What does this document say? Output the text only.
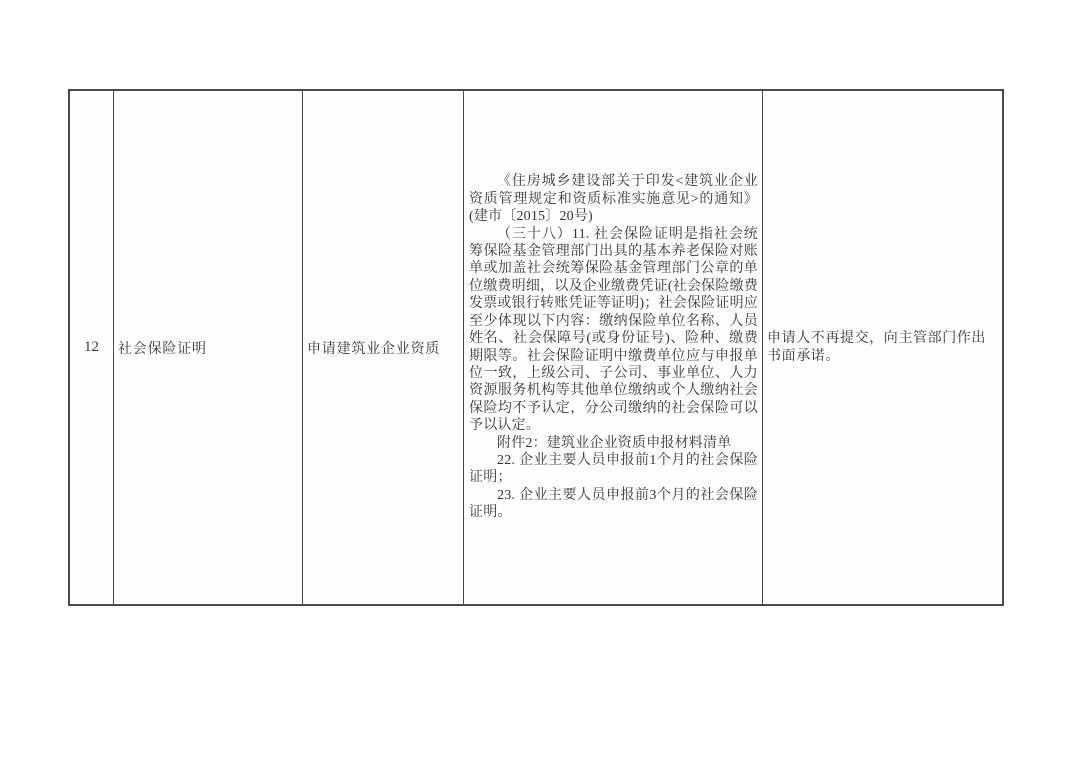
12 社会保险证明	申请建筑业企业资质

《住房城乡建设部关于印发<建筑业企业资质管理规定和资质标准实施意见>的通知》(建市〔2015〕20号)

（三十八）11. 社会保险证明是指社会统筹保险基金管理部门出具的基本养老保险对账单或加盖社会统筹保险基金管理部门公章的单位缴费明细，以及企业缴费凭证(社会保险缴费发票或银行转账凭证等证明)；社会保险证明应至少体现以下内容：缴纳保险单位名称、人员姓名、社会保障号(或身份证号)、险种、缴费期限等。社会保险证明中缴费单位应与申报单位一致，上级公司、子公司、事业单位、人力资源服务机构等其他单位缴纳或个人缴纳社会保险均不予认定，分公司缴纳的社会保险可以予以认定。

附件2：建筑业企业资质申报材料清单

22. 企业主要人员申报前1个月的社会保险证明；

23. 企业主要人员申报前3个月的社会保险证明。

申请人不再提交，向主管部门作出书面承诺。
